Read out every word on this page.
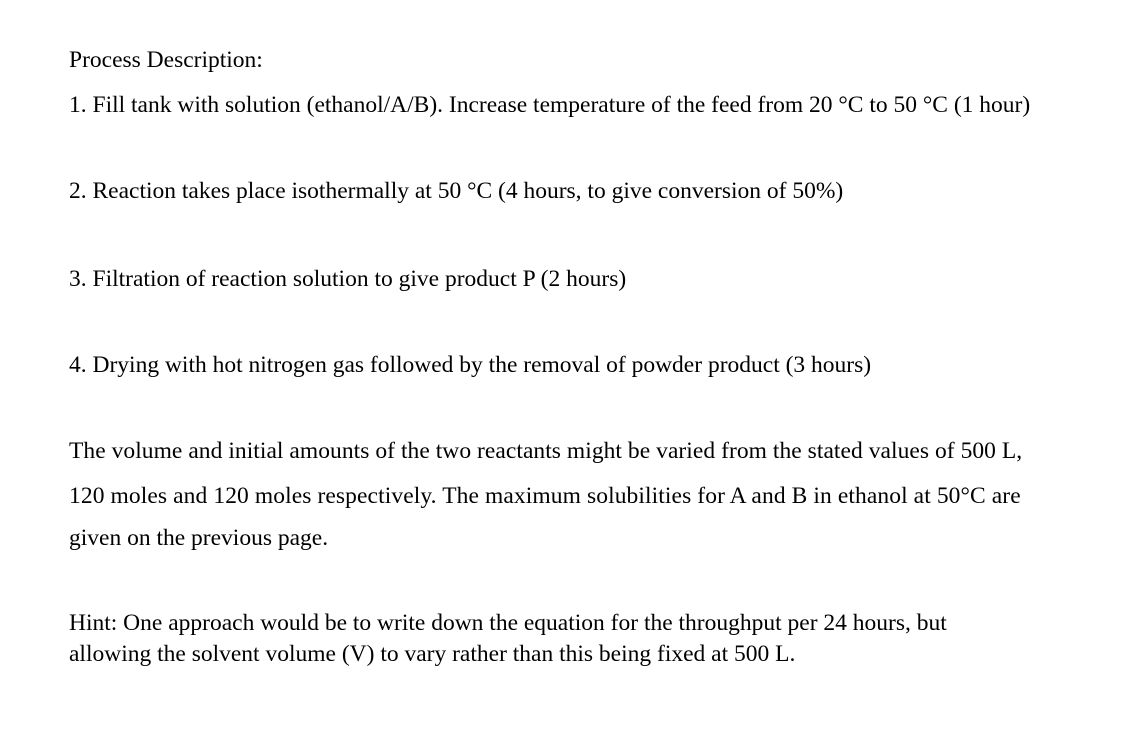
Process Description:
1. Fill tank with solution (ethanol/A/B). Increase temperature of the feed from 20 °C to 50 °C (1 hour)
2. Reaction takes place isothermally at 50 °C (4 hours, to give conversion of 50%)
3. Filtration of reaction solution to give product P (2 hours)
4. Drying with hot nitrogen gas followed by the removal of powder product (3 hours)
The volume and initial amounts of the two reactants might be varied from the stated values of 500 L,
120 moles and 120 moles respectively. The maximum solubilities for A and B in ethanol at 50°C are
given on the previous page.
Hint: One approach would be to write down the equation for the throughput per 24 hours, but
allowing the solvent volume (V) to vary rather than this being fixed at 500 L.
